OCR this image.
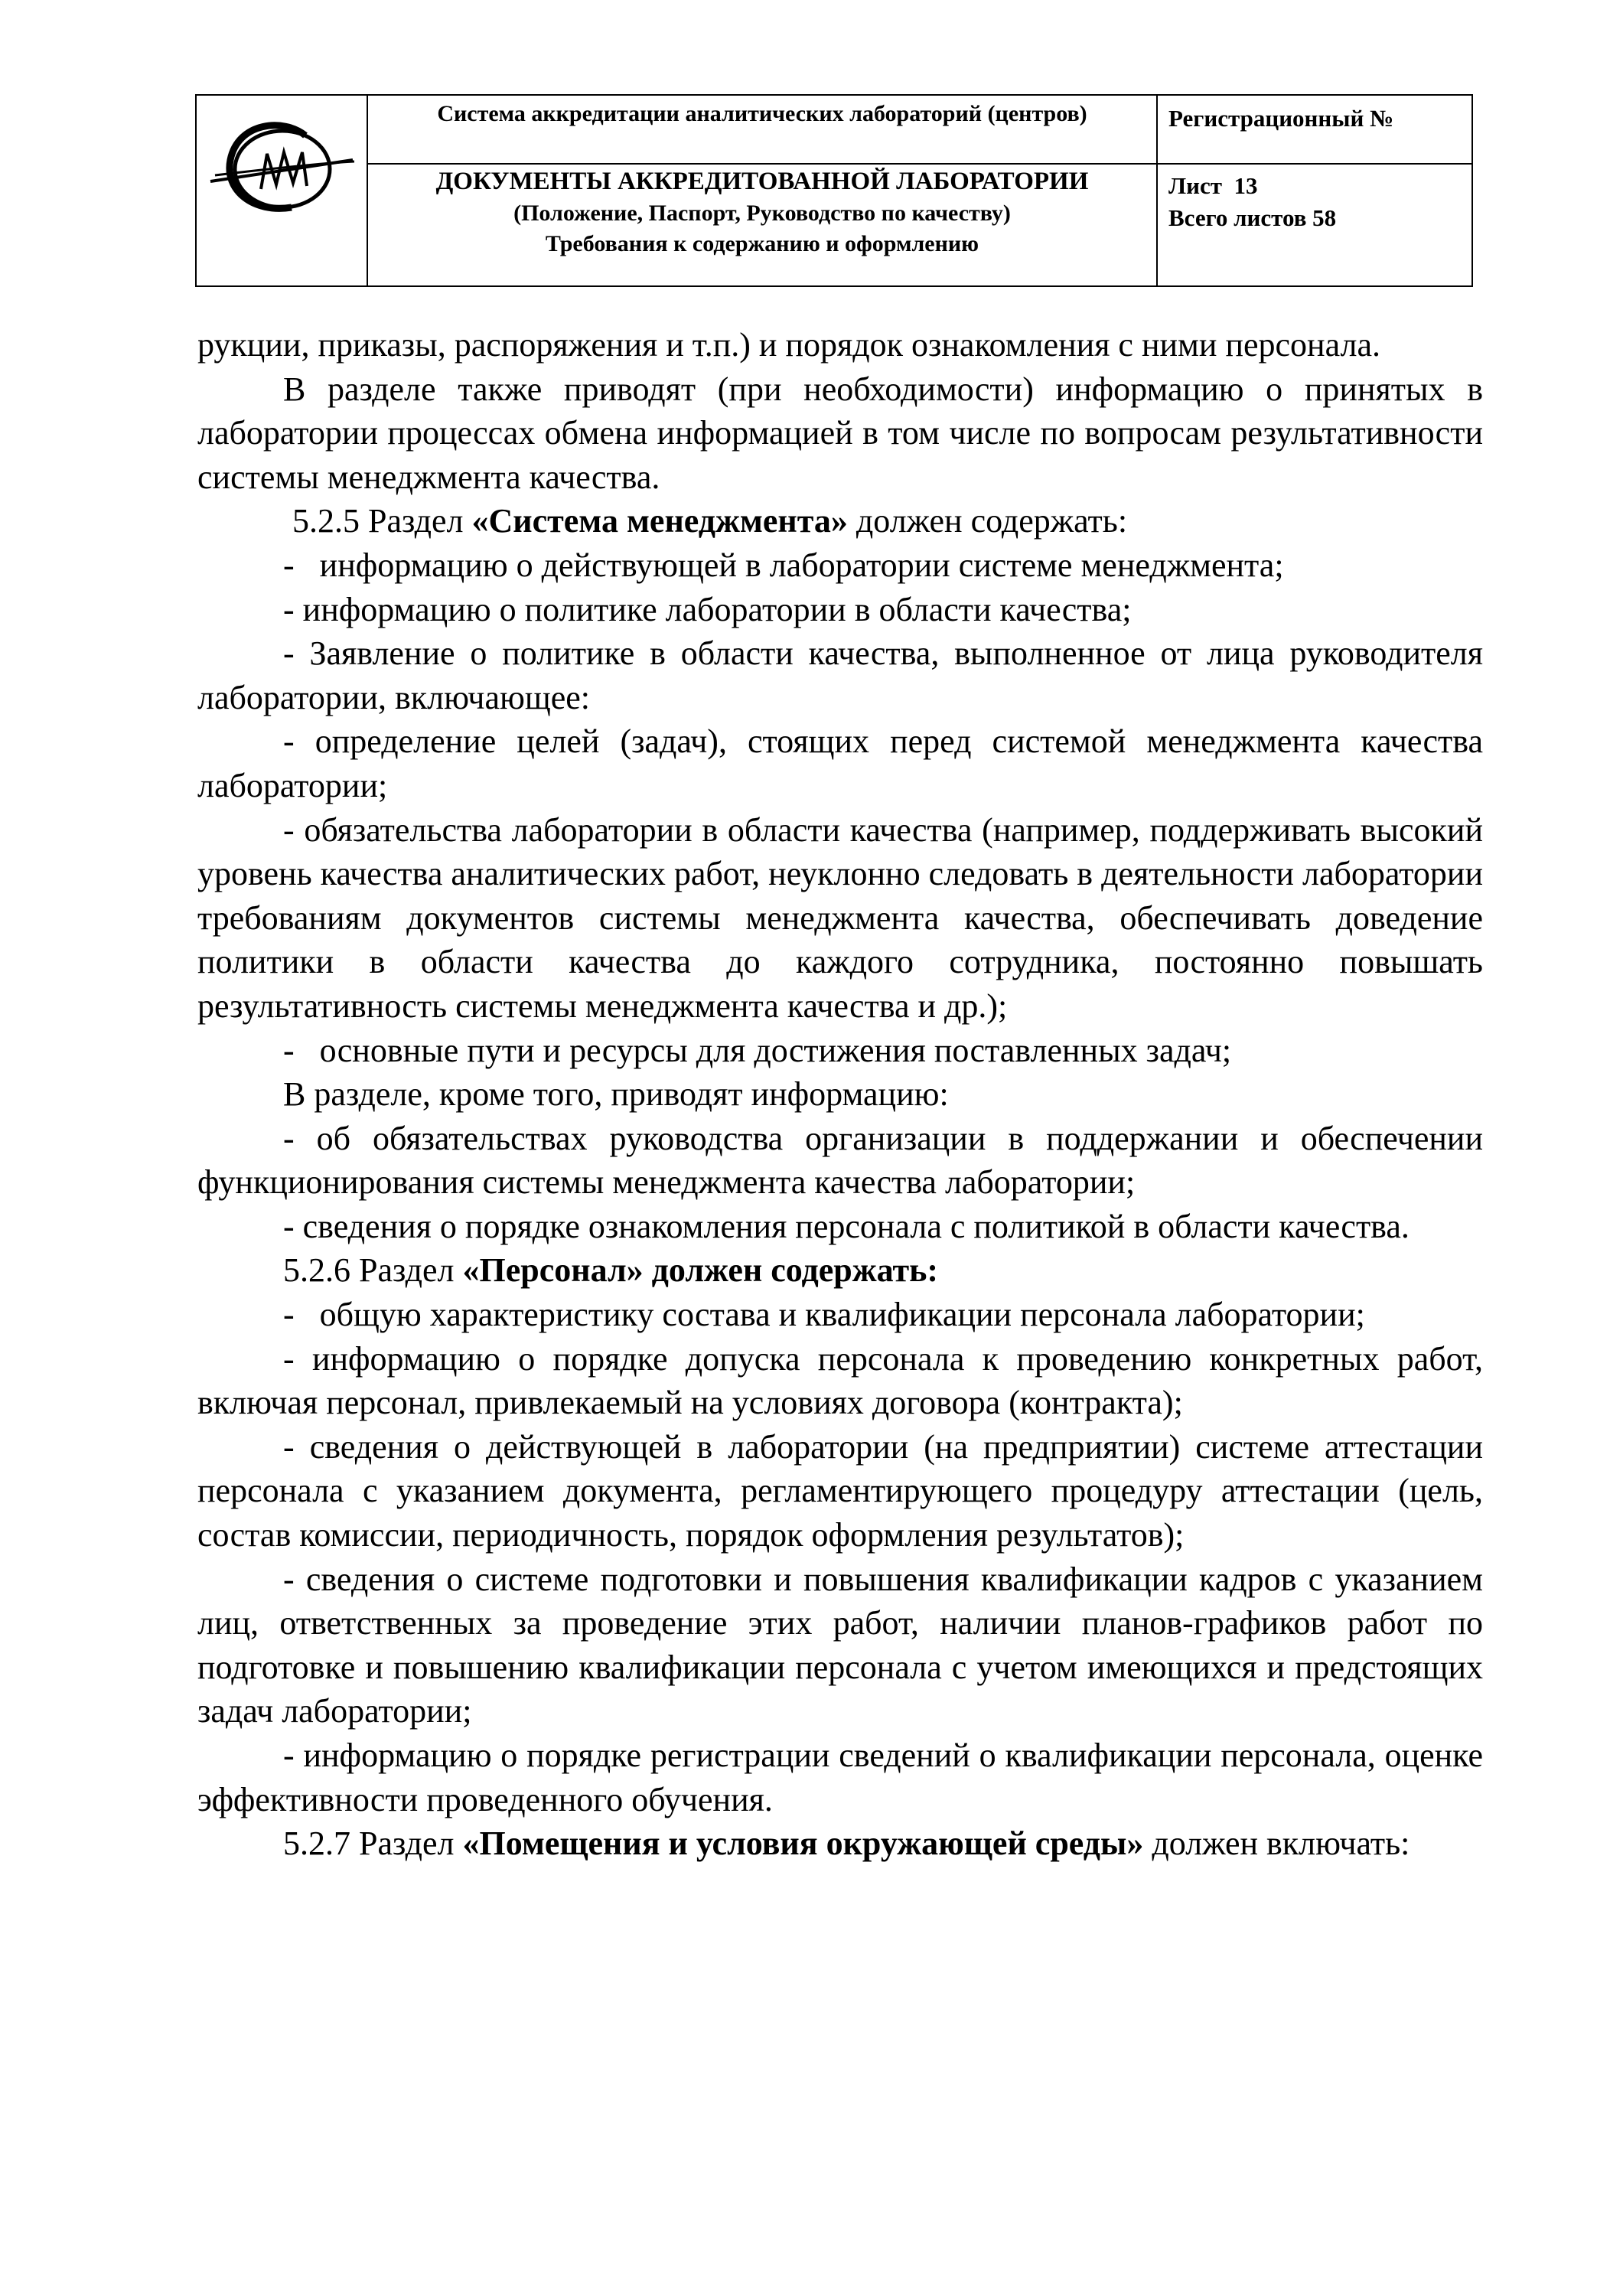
Система аккредитации аналитических лабораторий (центров)
ДОКУМЕНТЫ АККРЕДИТОВАННОЙ ЛАБОРАТОРИИ
(Положение, Паспорт, Руководство по качеству)
Требования к содержанию и оформлению
Регистрационный №
Лист  13
Всего листов 58

рукции, приказы, распоряжения и т.п.) и порядок ознакомления с ними персонала.

В разделе также приводят (при необходимости) информацию о принятых в лаборатории процессах обмена информацией в том числе по вопросам результативности системы менеджмента качества.

5.2.5 Раздел «Система менеджмента» должен содержать:

-   информацию о действующей в лаборатории системе менеджмента;

- информацию о политике лаборатории в области качества;

- Заявление о политике в области качества, выполненное от лица руководителя лаборатории, включающее:

- определение целей (задач), стоящих перед системой менеджмента качества лаборатории;

- обязательства лаборатории в области качества (например, поддерживать высокий уровень качества аналитических работ, неуклонно следовать в деятельности лаборатории требованиям документов системы менеджмента качества, обеспечивать доведение политики в области качества до каждого сотрудника, постоянно повышать результативность системы менеджмента качества и др.);

-   основные пути и ресурсы для достижения поставленных задач;

В разделе, кроме того, приводят информацию:

- об обязательствах руководства организации в поддержании и обеспечении функционирования системы менеджмента качества лаборатории;

- сведения о порядке ознакомления персонала с политикой в области качества.

5.2.6 Раздел «Персонал» должен содержать:

-   общую характеристику состава и квалификации персонала лаборатории;

- информацию о порядке допуска персонала к проведению конкретных работ, включая персонал, привлекаемый на условиях договора (контракта);

- сведения о действующей в лаборатории (на предприятии) системе аттестации персонала с указанием документа, регламентирующего процедуру аттестации (цель, состав комиссии, периодичность, порядок оформления результатов);

- сведения о системе подготовки и повышения квалификации кадров с указанием лиц, ответственных за проведение этих работ, наличии планов-графиков работ по подготовке и повышению квалификации персонала с учетом имеющихся и предстоящих задач лаборатории;

- информацию о порядке регистрации сведений о квалификации персонала, оценке эффективности проведенного обучения.

5.2.7 Раздел «Помещения и условия окружающей среды» должен включать:
